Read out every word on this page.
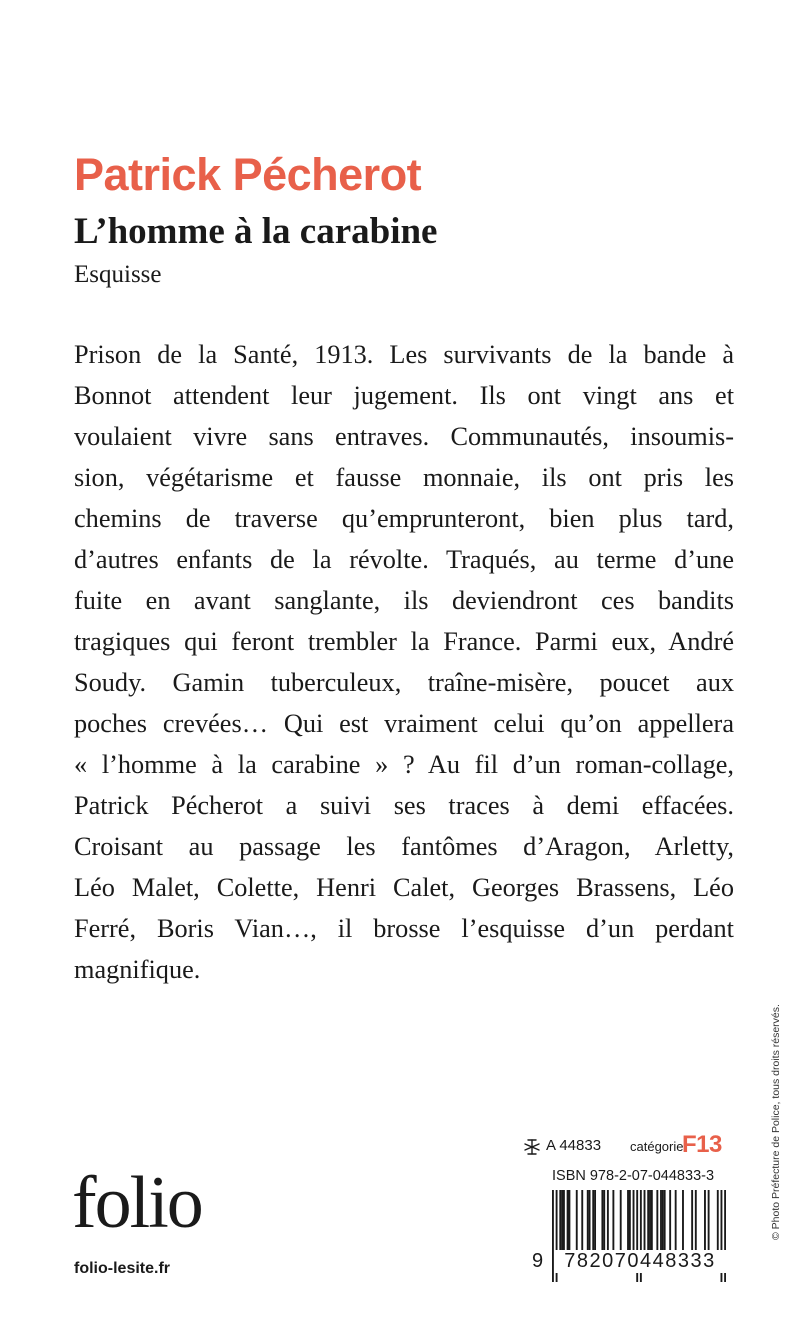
Patrick Pécherot
L’homme à la carabine
Esquisse

Prison de la Santé, 1913. Les survivants de la bande à
Bonnot attendent leur jugement. Ils ont vingt ans et
voulaient vivre sans entraves. Communautés, insoumis-
sion, végétarisme et fausse monnaie, ils ont pris les
chemins de traverse qu’emprunteront, bien plus tard,
d’autres enfants de la révolte. Traqués, au terme d’une
fuite en avant sanglante, ils deviendront ces bandits
tragiques qui feront trembler la France. Parmi eux, André
Soudy. Gamin tuberculeux, traîne-misère, poucet aux
poches crevées… Qui est vraiment celui qu’on appellera
« l’homme à la carabine » ? Au fil d’un roman-collage,
Patrick Pécherot a suivi ses traces à demi effacées.
Croisant au passage les fantômes d’Aragon, Arletty,
Léo Malet, Colette, Henri Calet, Georges Brassens, Léo
Ferré, Boris Vian…, il brosse l’esquisse d’un perdant
magnifique.

© Photo Préfecture de Police, tous droits réservés.
A 44833 catégorie
F13
ISBN 978-2-07-044833-3
9	782070448333
folio
folio-lesite.fr
